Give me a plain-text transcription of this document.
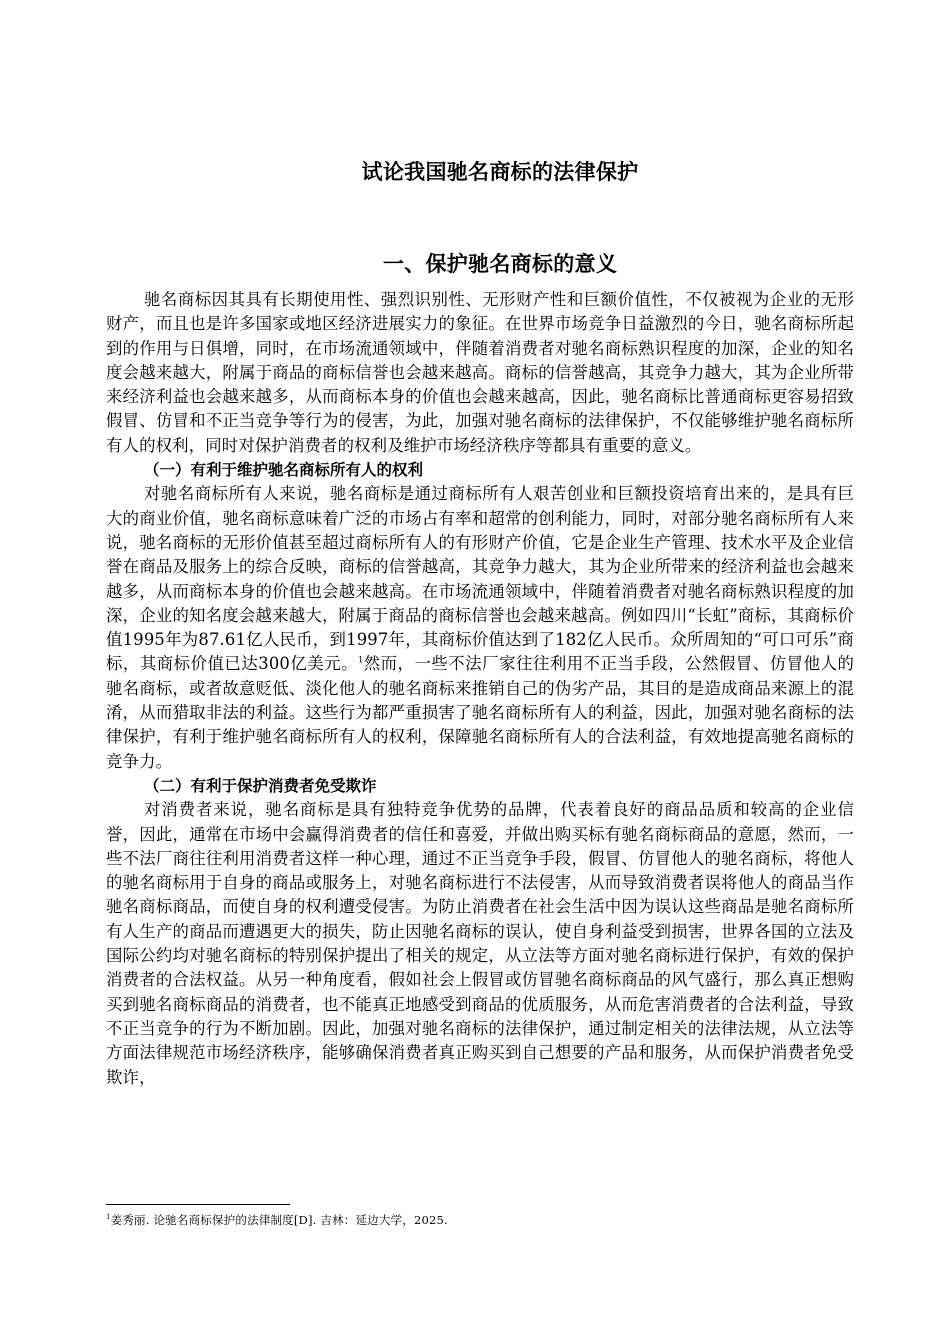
试论我国驰名商标的法律保护
一、保护驰名商标的意义

驰名商标因其具有长期使用性、强烈识别性、无形财产性和巨额价值性，不仅被视为企业的无形财产，而且也是许多国家或地区经济进展实力的象征。在世界市场竞争日益激烈的今日，驰名商标所起到的作用与日俱增，同时，在市场流通领域中，伴随着消费者对驰名商标熟识程度的加深，企业的知名度会越来越大，附属于商品的商标信誉也会越来越高。商标的信誉越高，其竞争力越大，其为企业所带来经济利益也会越来越多，从而商标本身的价值也会越来越高，因此，驰名商标比普通商标更容易招致假冒、仿冒和不正当竞争等行为的侵害，为此，加强对驰名商标的法律保护，不仅能够维护驰名商标所有人的权利，同时对保护消费者的权利及维护市场经济秩序等都具有重要的意义。

（一）有利于维护驰名商标所有人的权利

对驰名商标所有人来说，驰名商标是通过商标所有人艰苦创业和巨额投资培育出来的，是具有巨大的商业价值，驰名商标意味着广泛的市场占有率和超常的创利能力，同时，对部分驰名商标所有人来说，驰名商标的无形价值甚至超过商标所有人的有形财产价值，它是企业生产管理、技术水平及企业信誉在商品及服务上的综合反映，商标的信誉越高，其竞争力越大，其为企业所带来的经济利益也会越来越多，从而商标本身的价值也会越来越高。在市场流通领域中，伴随着消费者对驰名商标熟识程度的加深，企业的知名度会越来越大，附属于商品的商标信誉也会越来越高。例如四川“长虹”商标，其商标价值1995年为87.61亿人民币，到1997年，其商标价值达到了182亿人民币。众所周知的“可口可乐”商标，其商标价值已达300亿美元。$^1$然而，一些不法厂家往往利用不正当手段，公然假冒、仿冒他人的驰名商标，或者故意贬低、淡化他人的驰名商标来推销自己的伪劣产品，其目的是造成商品来源上的混淆，从而猎取非法的利益。这些行为都严重损害了驰名商标所有人的利益，因此，加强对驰名商标的法律保护，有利于维护驰名商标所有人的权利，保障驰名商标所有人的合法利益，有效地提高驰名商标的竞争力。

（二）有利于保护消费者免受欺诈

对消费者来说，驰名商标是具有独特竞争优势的品牌，代表着良好的商品品质和较高的企业信誉，因此，通常在市场中会赢得消费者的信任和喜爱，并做出购买标有驰名商标商品的意愿，然而，一些不法厂商往往利用消费者这样一种心理，通过不正当竞争手段，假冒、仿冒他人的驰名商标，将他人的驰名商标用于自身的商品或服务上，对驰名商标进行不法侵害，从而导致消费者误将他人的商品当作驰名商标商品，而使自身的权利遭受侵害。为防止消费者在社会生活中因为误认这些商品是驰名商标所有人生产的商品而遭遇更大的损失，防止因驰名商标的误认，使自身利益受到损害，世界各国的立法及国际公约均对驰名商标的特别保护提出了相关的规定，从立法等方面对驰名商标进行保护，有效的保护消费者的合法权益。从另一种角度看，假如社会上假冒或仿冒驰名商标商品的风气盛行，那么真正想购买到驰名商标商品的消费者，也不能真正地感受到商品的优质服务，从而危害消费者的合法利益，导致不正当竞争的行为不断加剧。因此，加强对驰名商标的法律保护，通过制定相关的法律法规，从立法等方面法律规范市场经济秩序，能够确保消费者真正购买到自己想要的产品和服务，从而保护消费者免受欺诈，

$^1$姜秀丽. 论驰名商标保护的法律制度[D]. 吉林：延边大学，2025.
